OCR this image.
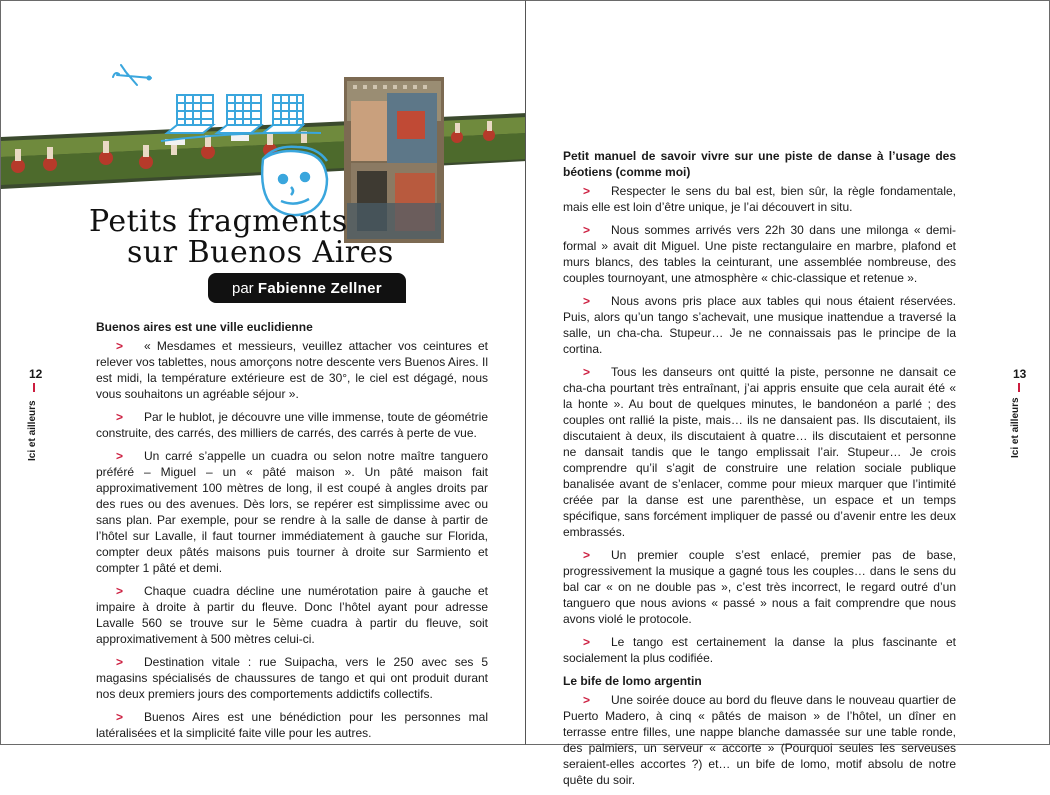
Petits fragments
sur Buenos Aires
par Fabienne Zellner
Buenos aires est une ville euclidienne

> « Mesdames et messieurs, veuillez attacher vos ceintures et relever vos tablettes, nous amorçons notre descente vers Buenos Aires. Il est midi, la température extérieure est de 30°, le ciel est dégagé, nous vous souhaitons un agréable séjour ».

> Par le hublot, je découvre une ville immense, toute de géométrie construite, des carrés, des milliers de carrés, des carrés à perte de vue.

> Un carré s’appelle un cuadra ou selon notre maître tanguero préféré – Miguel – un « pâté maison ». Un pâté maison fait approximativement 100 mètres de long, il est coupé à angles droits par des rues ou des avenues. Dès lors, se repérer est simplissime avec ou sans plan. Par exemple, pour se rendre à la salle de danse à partir de l’hôtel sur Lavalle, il faut tourner immédiatement à gauche sur Florida, compter deux pâtés maisons puis tourner à droite sur Sarmiento et compter 1 pâté et demi.

> Chaque cuadra décline une numérotation paire à gauche et impaire à droite à partir du fleuve. Donc l’hôtel ayant pour adresse Lavalle 560 se trouve sur le 5ème cuadra à partir du fleuve, soit approximativement à 500 mètres celui-ci.

> Destination vitale : rue Suipacha, vers le 250 avec ses 5 magasins spécialisés de chaussures de tango et qui ont produit durant nos deux premiers jours des comportements addictifs collectifs.

> Buenos Aires est une bénédiction pour les personnes mal latéralisées et la simplicité faite ville pour les autres.

12
Ici et ailleurs
13
Ici et ailleurs
Petit manuel de savoir vivre sur une piste de danse à l’usage des béotiens (comme moi)

> Respecter le sens du bal est, bien sûr, la règle fondamentale, mais elle est loin d’être unique, je l’ai découvert in situ.

> Nous sommes arrivés vers 22h 30 dans une milonga « demi-formal » avait dit Miguel. Une piste rectangulaire en marbre, plafond et murs blancs, des tables la ceinturant, une assemblée nombreuse, des couples tournoyant, une atmosphère « chic-classique et retenue ».

> Nous avons pris place aux tables qui nous étaient réservées. Puis, alors qu’un tango s’achevait, une musique inattendue a traversé la salle, un cha-cha. Stupeur… Je ne connaissais pas le principe de la cortina.

> Tous les danseurs ont quitté la piste, personne ne dansait ce cha-cha pourtant très entraînant, j’ai appris ensuite que cela aurait été « la honte ». Au bout de quelques minutes, le bandonéon a parlé ; des couples ont rallié la piste, mais… ils ne dansaient pas. Ils discutaient, ils discutaient à deux, ils discutaient à quatre… ils discutaient et personne ne dansait tandis que le tango emplissait l’air. Stupeur… Je crois comprendre qu’il s’agit de construire une relation sociale publique banalisée avant de s’enlacer, comme pour mieux marquer que l’intimité créée par la danse est une parenthèse, un espace et un temps spécifique, sans forcément impliquer de passé ou d’avenir entre les deux embrassés.

> Un premier couple s’est enlacé, premier pas de base, progressivement la musique a gagné tous les couples… dans le sens du bal car « on ne double pas », c’est très incorrect, le regard outré d’un tanguero que nous avions « passé » nous a fait comprendre que nous avons violé le protocole.

> Le tango est certainement la danse la plus fascinante et socialement la plus codifiée.

Le bife de lomo argentin

> Une soirée douce au bord du fleuve dans le nouveau quartier de Puerto Madero, à cinq « pâtés de maison » de l’hôtel, un dîner en terrasse entre filles, une nappe blanche damassée sur une table ronde, des palmiers, un serveur « accorte » (Pourquoi seules les serveuses seraient-elles accortes ?) et… un bife de lomo, motif absolu de notre quête du soir.
